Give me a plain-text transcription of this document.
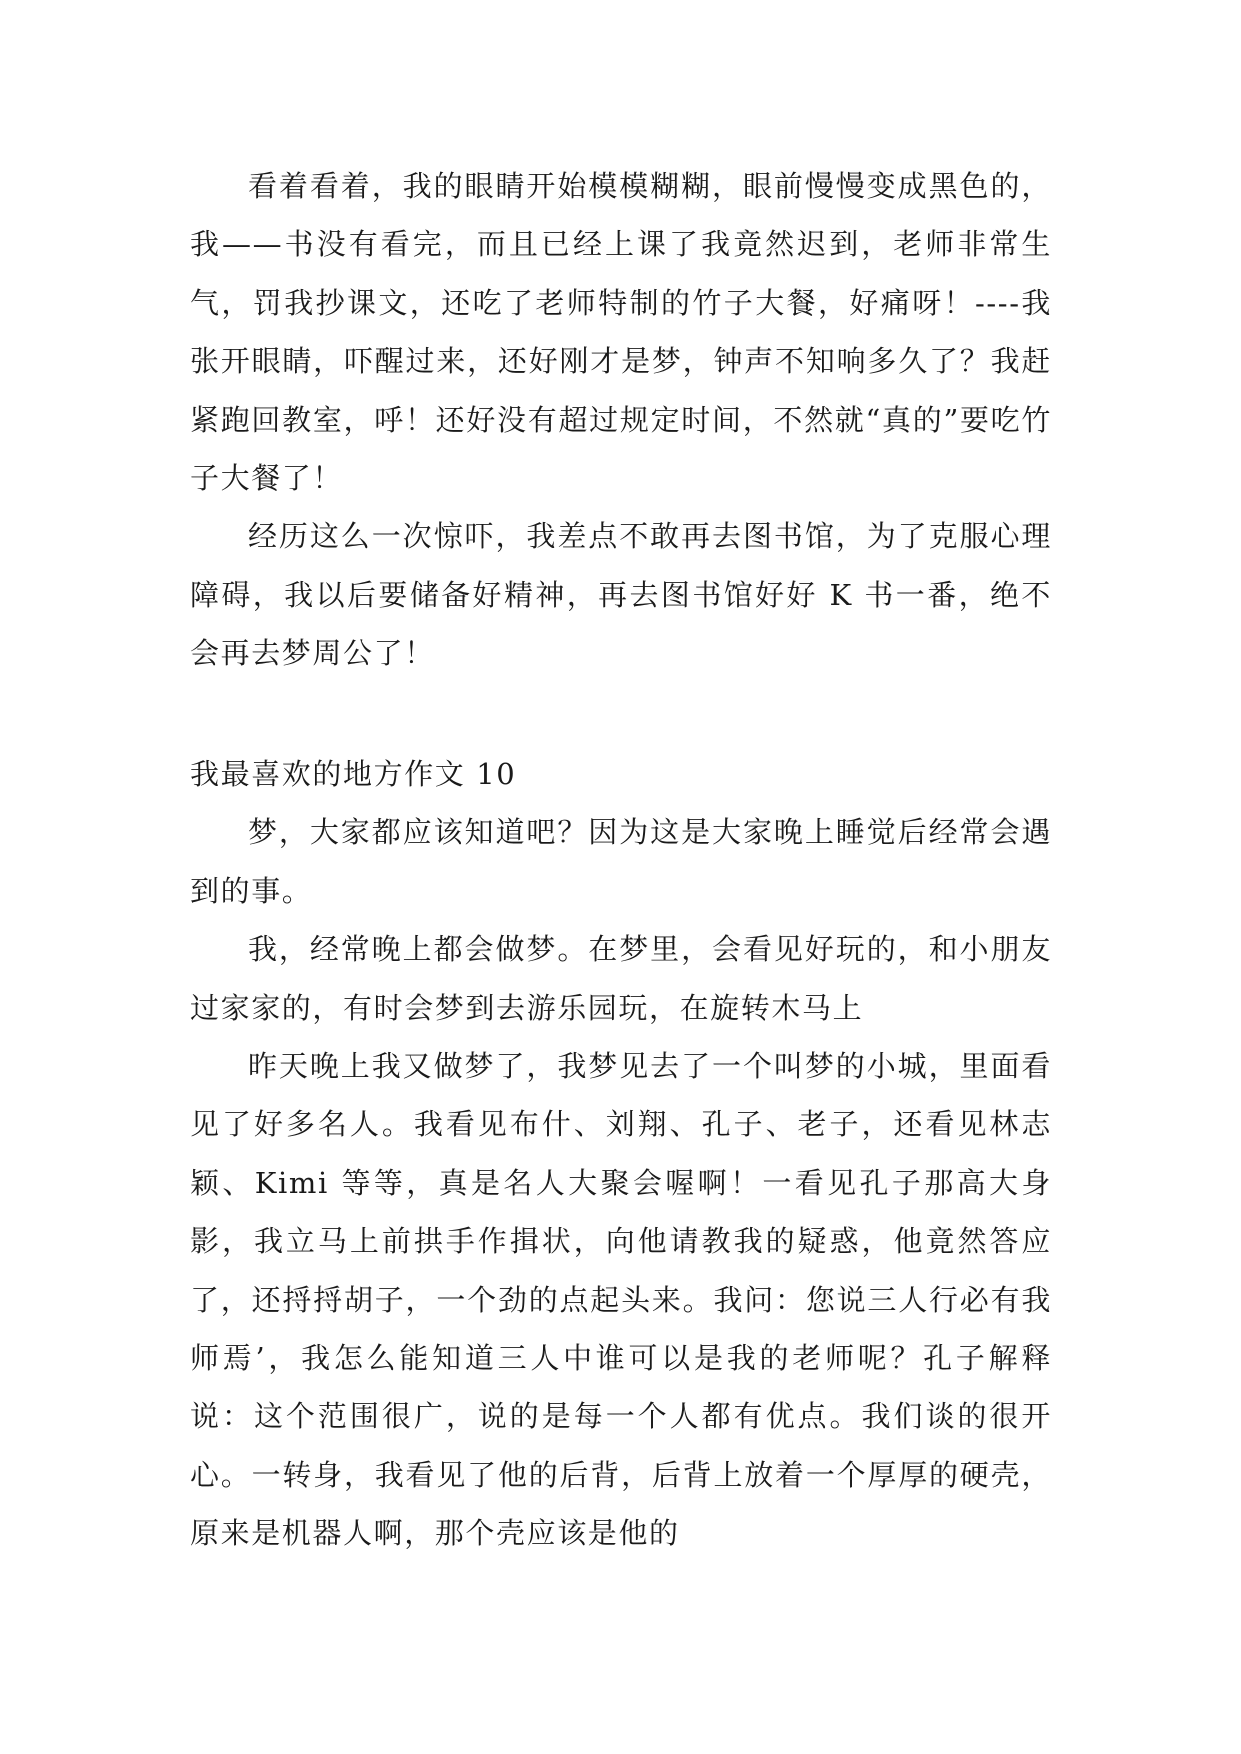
看着看着，我的眼睛开始模模糊糊，眼前慢慢变成黑色的，我——书没有看完，而且已经上课了我竟然迟到，老师非常生气，罚我抄课文，还吃了老师特制的竹子大餐，好痛呀！----我张开眼睛，吓醒过来，还好刚才是梦，钟声不知响多久了？我赶紧跑回教室，呼！还好没有超过规定时间，不然就“真的”要吃竹子大餐了！

经历这么一次惊吓，我差点不敢再去图书馆，为了克服心理障碍，我以后要储备好精神，再去图书馆好好 K 书一番，绝不会再去梦周公了！

我最喜欢的地方作文 10

梦，大家都应该知道吧？因为这是大家晚上睡觉后经常会遇到的事。

我，经常晚上都会做梦。在梦里，会看见好玩的，和小朋友过家家的，有时会梦到去游乐园玩，在旋转木马上

昨天晚上我又做梦了，我梦见去了一个叫梦的小城，里面看见了好多名人。我看见布什、刘翔、孔子、老子，还看见林志颖、Kimi 等等，真是名人大聚会喔啊！一看见孔子那高大身影，我立马上前拱手作揖状，向他请教我的疑惑，他竟然答应了，还捋捋胡子，一个劲的点起头来。我问：您说三人行必有我师焉’，我怎么能知道三人中谁可以是我的老师呢？孔子解释说：这个范围很广，说的是每一个人都有优点。我们谈的很开心。一转身，我看见了他的后背，后背上放着一个厚厚的硬壳，原来是机器人啊，那个壳应该是他的
